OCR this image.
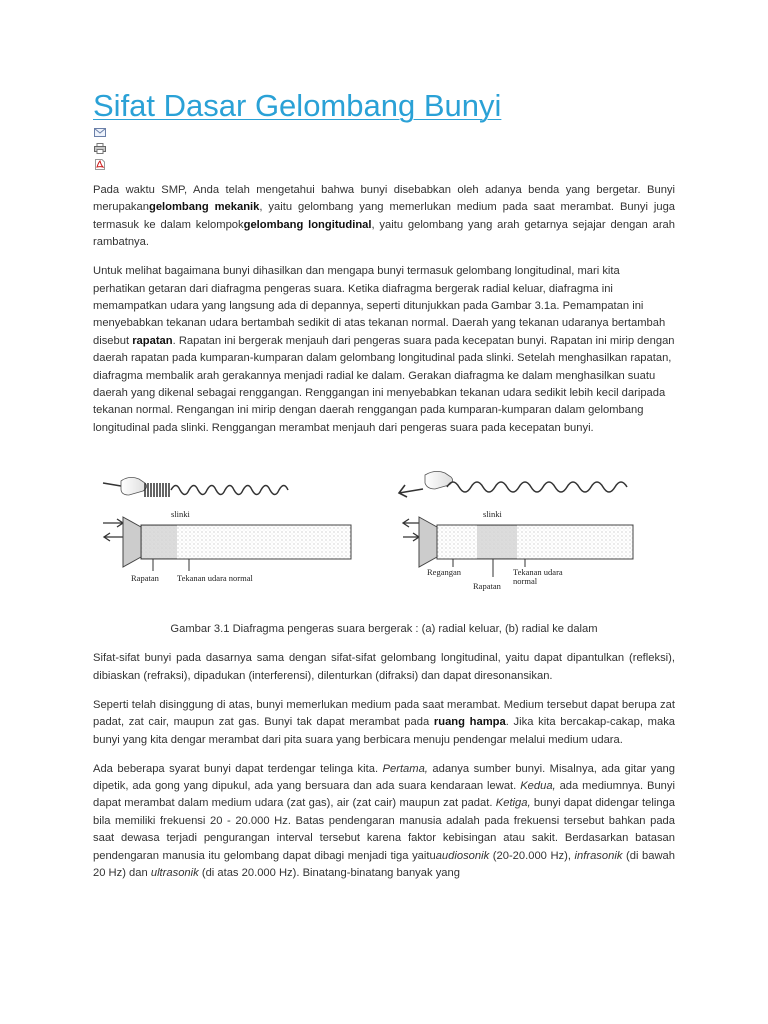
Sifat Dasar Gelombang Bunyi

Pada waktu SMP, Anda telah mengetahui bahwa bunyi disebabkan oleh adanya benda yang bergetar. Bunyi merupakangelombang mekanik, yaitu gelombang yang memerlukan medium pada saat merambat. Bunyi juga termasuk ke dalam kelompokgelombang longitudinal, yaitu gelombang yang arah getarnya sejajar dengan arah rambatnya.

Untuk melihat bagaimana bunyi dihasilkan dan mengapa bunyi termasuk gelombang longitudinal, mari kita perhatikan getaran dari diafragma pengeras suara. Ketika diafragma bergerak radial keluar, diafragma ini memampatkan udara yang langsung ada di depannya, seperti ditunjukkan pada Gambar 3.1a. Pemampatan ini menyebabkan tekanan udara bertambah sedikit di atas tekanan normal. Daerah yang tekanan udaranya bertambah disebut rapatan. Rapatan ini bergerak menjauh dari pengeras suara pada kecepatan bunyi. Rapatan ini mirip dengan daerah rapatan pada kumparan-kumparan dalam gelombang longitudinal pada slinki. Setelah menghasilkan rapatan, diafragma membalik arah gerakannya menjadi radial ke dalam. Gerakan diafragma ke dalam menghasilkan suatu daerah yang dikenal sebagai renggangan. Renggangan ini menyebabkan tekanan udara sedikit lebih kecil daripada tekanan normal. Rengangan ini mirip dengan daerah renggangan pada kumparan-kumparan dalam gelombang longitudinal pada slinki. Renggangan merambat menjauh dari pengeras suara pada kecepatan bunyi.

slinki
Rapatan Tekanan udara normal
slinki
Regangan
Rapatan
Tekanan udara
normal

Gambar 3.1 Diafragma pengeras suara bergerak : (a) radial keluar, (b) radial ke dalam

Sifat-sifat bunyi pada dasarnya sama dengan sifat-sifat gelombang longitudinal, yaitu dapat dipantulkan (refleksi), dibiaskan (refraksi), dipadukan (interferensi), dilenturkan (difraksi) dan dapat diresonansikan.

Seperti telah disinggung di atas, bunyi memerlukan medium pada saat merambat. Medium tersebut dapat berupa zat padat, zat cair, maupun zat gas. Bunyi tak dapat merambat pada ruang hampa. Jika kita bercakap-cakap, maka bunyi yang kita dengar merambat dari pita suara yang berbicara menuju pendengar melalui medium udara.

Ada beberapa syarat bunyi dapat terdengar telinga kita. Pertama, adanya sumber bunyi. Misalnya, ada gitar yang dipetik, ada gong yang dipukul, ada yang bersuara dan ada suara kendaraan lewat. Kedua, ada mediumnya. Bunyi dapat merambat dalam medium udara (zat gas), air (zat cair) maupun zat padat. Ketiga, bunyi dapat didengar telinga bila memiliki frekuensi 20 - 20.000 Hz. Batas pendengaran manusia adalah pada frekuensi tersebut bahkan pada saat dewasa terjadi pengurangan interval tersebut karena faktor kebisingan atau sakit. Berdasarkan batasan pendengaran manusia itu gelombang dapat dibagi menjadi tiga yaituaudiosonik (20-20.000 Hz), infrasonik (di bawah 20 Hz) dan ultrasonik (di atas 20.000 Hz). Binatang-binatang banyak yang
